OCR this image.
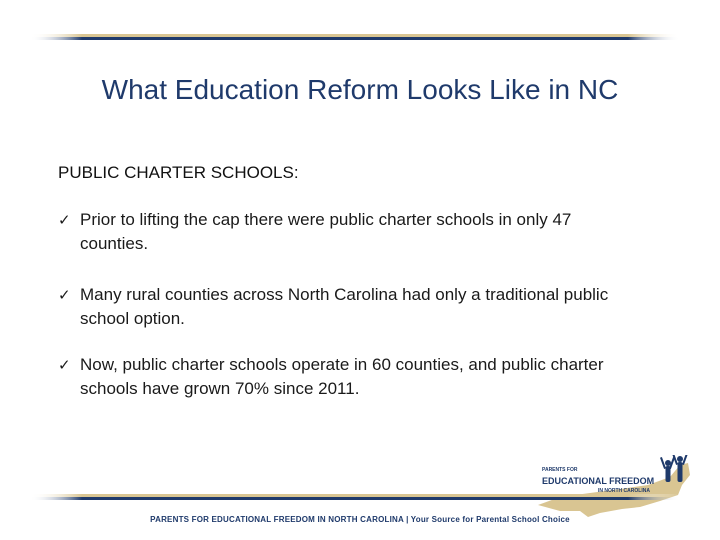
What Education Reform Looks Like in NC
PUBLIC CHARTER SCHOOLS:
✓ Prior to lifting the cap there were public charter schools in only 47 counties.
✓ Many rural counties across North Carolina had only a traditional public school option.
✓ Now, public charter schools operate in 60 counties, and public charter schools have grown 70% since 2011.
PARENTS FOR
EDUCATIONAL FREEDOM
IN NORTH CAROLINA
PARENTS FOR EDUCATIONAL FREEDOM IN NORTH CAROLINA | Your Source for Parental School Choice
